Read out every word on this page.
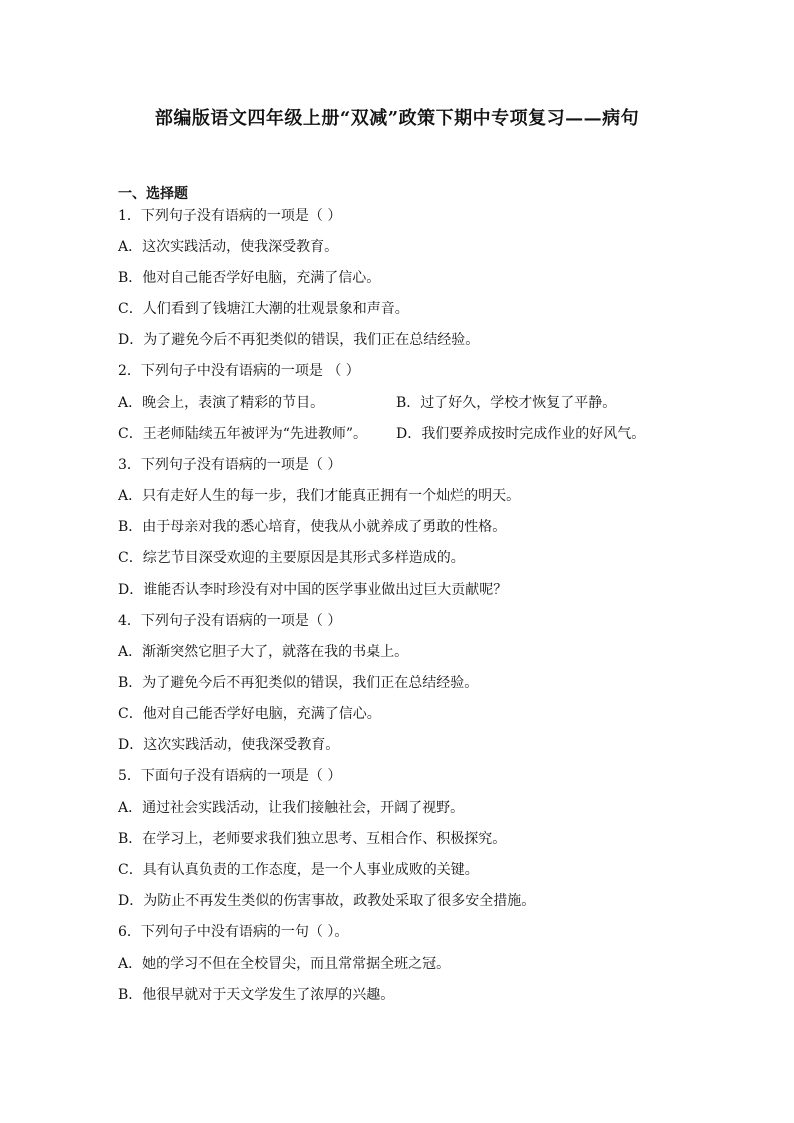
部编版语文四年级上册“双减”政策下期中专项复习——病句
一、选择题
1．下列句子没有语病的一项是（ ）
A．这次实践活动，使我深受教育。
B．他对自己能否学好电脑，充满了信心。
C．人们看到了钱塘江大潮的壮观景象和声音。
D．为了避免今后不再犯类似的错误，我们正在总结经验。
2．下列句子中没有语病的一项是 （ ）
A．晚会上，表演了精彩的节目。	B．过了好久，学校才恢复了平静。
C．王老师陆续五年被评为“先进教师”。 D．我们要养成按时完成作业的好风气。
3．下列句子没有语病的一项是（ ）
A．只有走好人生的每一步，我们才能真正拥有一个灿烂的明天。
B．由于母亲对我的悉心培育，使我从小就养成了勇敢的性格。
C．综艺节目深受欢迎的主要原因是其形式多样造成的。
D．谁能否认李时珍没有对中国的医学事业做出过巨大贡献呢？
4．下列句子没有语病的一项是（ ）
A．渐渐突然它胆子大了，就落在我的书桌上。
B．为了避免今后不再犯类似的错误，我们正在总结经验。
C．他对自己能否学好电脑，充满了信心。
D．这次实践活动，使我深受教育。
5．下面句子没有语病的一项是（ ）
A．通过社会实践活动，让我们接触社会，开阔了视野。
B．在学习上，老师要求我们独立思考、互相合作、积极探究。
C．具有认真负责的工作态度，是一个人事业成败的关键。
D．为防止不再发生类似的伤害事故，政教处采取了很多安全措施。
6．下列句子中没有语病的一句（ ）。
A．她的学习不但在全校冒尖，而且常常据全班之冠。
B．他很早就对于天文学发生了浓厚的兴趣。
